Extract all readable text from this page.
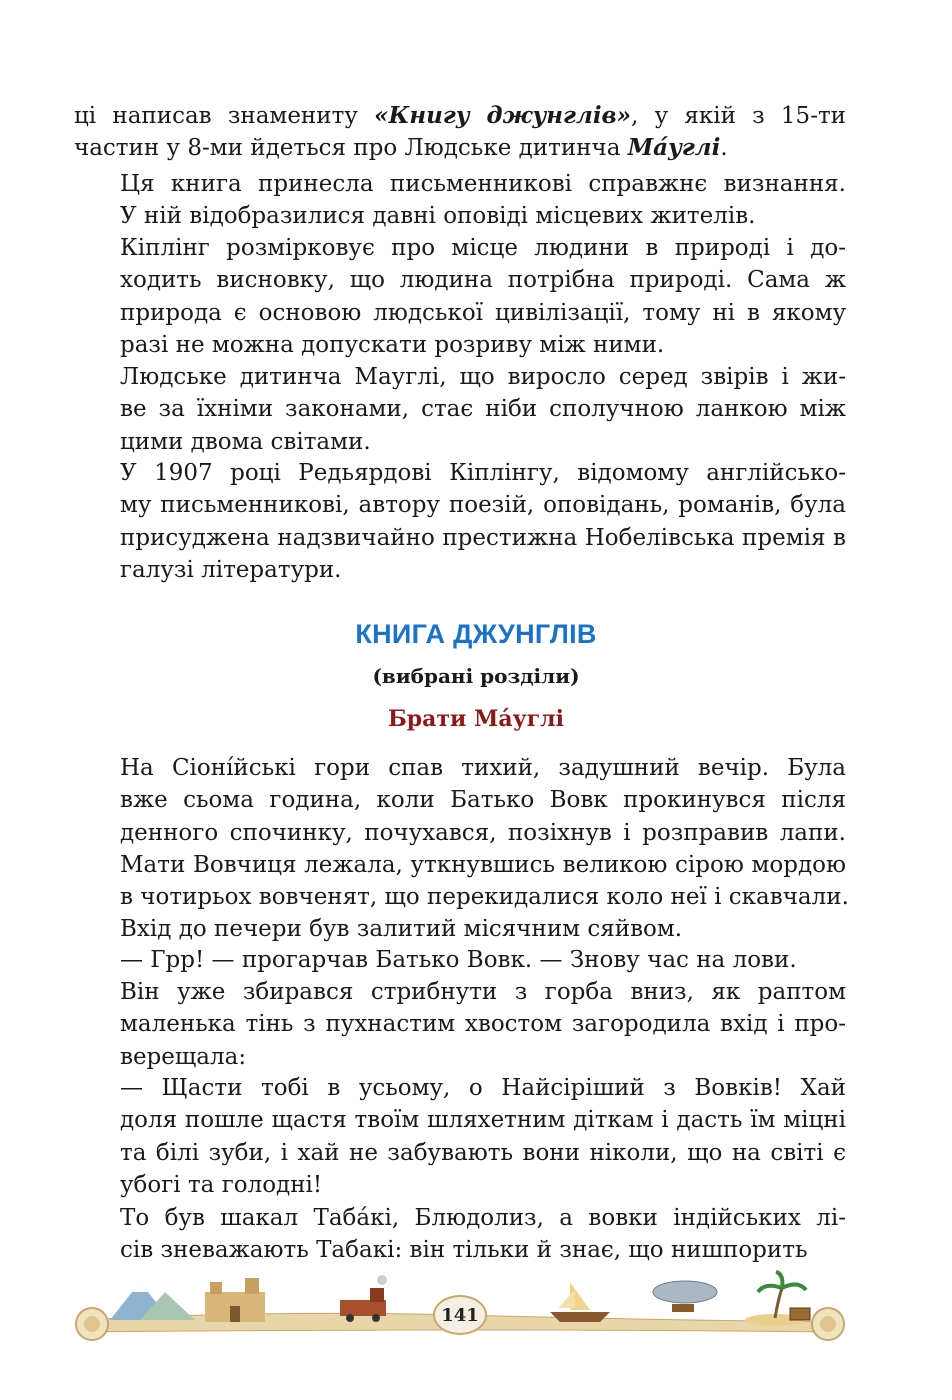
ці написав знамениту «Книгу джунглів», у якій з 15-ти
частин у 8-ми йдеться про Людське дитинча Ма́углі.
Ця книга принесла письменникові справжнє визнання.
У ній відобразилися давні оповіді місцевих жителів.
Кіплінг розмірковує про місце людини в природі і до-
ходить висновку, що людина потрібна природі. Сама ж
природа є основою людської цивілізації, тому ні в якому
разі не можна допускати розриву між ними.
Людське дитинча Мауглі, що виросло серед звірів і жи-
ве за їхніми законами, стає ніби сполучною ланкою між
цими двома світами.
У 1907 році Редьярдові Кіплінгу, відомому англійсько-
му письменникові, автору поезій, оповідань, романів, була
присуджена надзвичайно престижна Нобелівська премія в
галузі літератури.
КНИГА ДЖУНГЛІВ
(вибрані розділи)
Брати Ма́углі
На Сіоні́йські гори спав тихий, задушний вечір. Була
вже сьома година, коли Батько Вовк прокинувся після
денного спочинку, почухався, позіхнув і розправив лапи.
Мати Вовчиця лежала, уткнувшись великою сірою мордою
в чотирьох вовченят, що перекидалися коло неї і скавчали.
Вхід до печери був залитий місячним сяйвом.
— Грр! — прогарчав Батько Вовк. — Знову час на лови.
Він уже збирався стрибнути з горба вниз, як раптом
маленька тінь з пухнастим хвостом загородила вхід і про-
верещала:
— Щасти тобі в усьому, о Найсіріший з Вовків! Хай
доля пошле щастя твоїм шляхетним діткам і дасть їм міцні
та білі зуби, і хай не забувають вони ніколи, що на світі є
убогі та голодні!
То був шакал Таба́кі, Блюдолиз, а вовки індійських лі-
сів зневажають Табакі: він тільки й знає, що нишпорить
141
